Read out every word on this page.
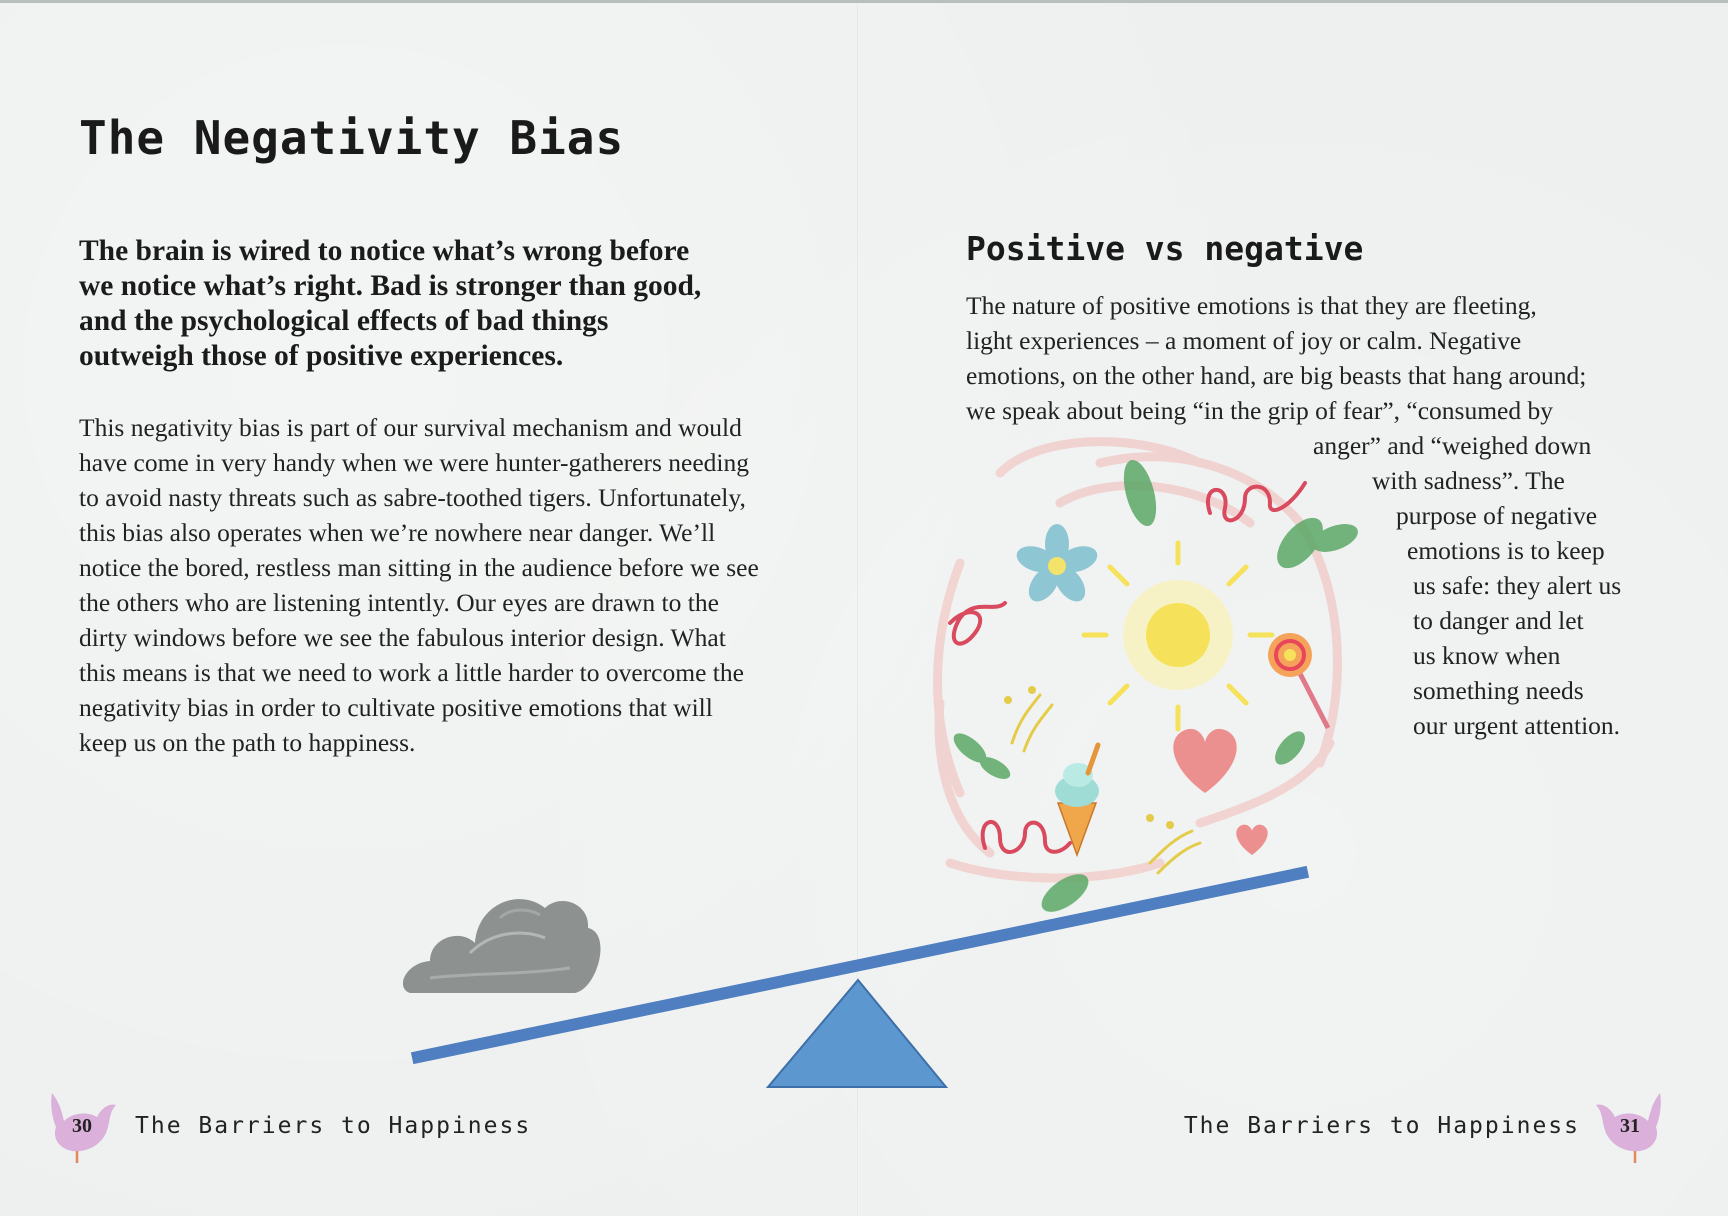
The Negativity Bias

The brain is wired to notice what’s wrong before we notice what’s right. Bad is stronger than good, and the psychological effects of bad things outweigh those of positive experiences.

This negativity bias is part of our survival mechanism and would have come in very handy when we were hunter-gatherers needing to avoid nasty threats such as sabre-toothed tigers. Unfortunately, this bias also operates when we’re nowhere near danger. We’ll notice the bored, restless man sitting in the audience before we see the others who are listening intently. Our eyes are drawn to the dirty windows before we see the fabulous interior design. What this means is that we need to work a little harder to overcome the negativity bias in order to cultivate positive emotions that will keep us on the path to happiness.

Positive vs negative
The nature of positive emotions is that they are fleeting,
light experiences – a moment of joy or calm. Negative
emotions, on the other hand, are big beasts that hang around;
we speak about being “in the grip of fear”, “consumed by
anger” and “weighed down
with sadness”. The
purpose of negative
emotions is to keep
us safe: they alert us
to danger and let
us know when
something needs
our urgent attention.
30	The Barriers to Happiness	The Barriers to Happiness	31
